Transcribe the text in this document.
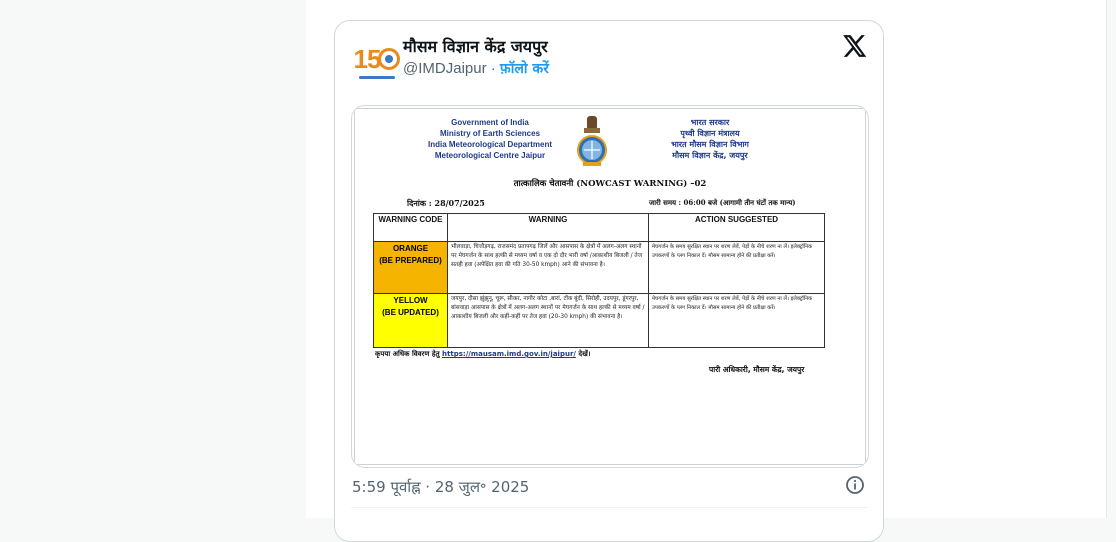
15 मौसम विज्ञान केंद्र जयपुर
@IMDJaipur · फ़ॉलो करें
Government of India
Ministry of Earth Sciences
India Meteorological Department
Meteorological Centre Jaipur
भारत सरकार
पृथ्वी विज्ञान मंत्रालय
भारत मौसम विज्ञान विभाग
मौसम विज्ञान केंद्र, जयपुर
तात्कालिक चेतावनी (NOWCAST WARNING) –02
दिनांक : 28/07/2025	जारी समय : 06:00 बजे (आगामी तीन घंटों तक मान्य)
WARNING CODE	WARNING	ACTION SUGGESTED

ORANGE
(BE PREPARED)	भीलवाड़ा, चित्तौड़गढ़, राजसमंद प्रतापगढ़ जिलें और आसपास के क्षेत्रों में अलग-अलग स्थानों पर मेघगर्जन के साथ हल्की से मध्यम वर्षा व एक दो दौर भारी वर्षा /आकाशीय बिजली / तेज सतही हवा (अपेक्षित हवा की गति 30-50 kmph) आने की संभावना है।	मेघगर्जन के समय सुरक्षित स्थान पर शरण लेवें, पेड़ों के नीचे शरण ना लें। इलेक्ट्रॉनिक उपकरणों के प्लग निकाल दें। मौसम सामान्य होने की प्रतीक्षा करें।

YELLOW
(BE UPDATED)	जयपुर, दौसा झुंझुनू, चूरू, सीकर, नागौर कोटा ,बारां, टोंक बूंदी, सिरोही, उदयपुर, डूंगरपुर, बांसवाड़ा आसपास के क्षेत्रों में अलग-अलग स्थानों पर मेघगर्जन के साथ हल्की से मध्यम वर्षा /आकाशीय बिजली और कहीं-कहीं पर तेज हवा (20-30 kmph) की संभावना है।	मेघगर्जन के समय सुरक्षित स्थान पर शरण लेवें, पेड़ों के नीचे शरण ना लें। इलेक्ट्रॉनिक उपकरणों के प्लग निकाल दें। मौसम सामान्य होने की प्रतीक्षा करें।
कृपया अधिक विवरण हेतु https://mausam.imd.gov.in/jaipur/ देखें।
पारी अधिकारी, मौसम केंद्र, जयपुर
5:59 पूर्वाह्न · 28 जुल॰ 2025
